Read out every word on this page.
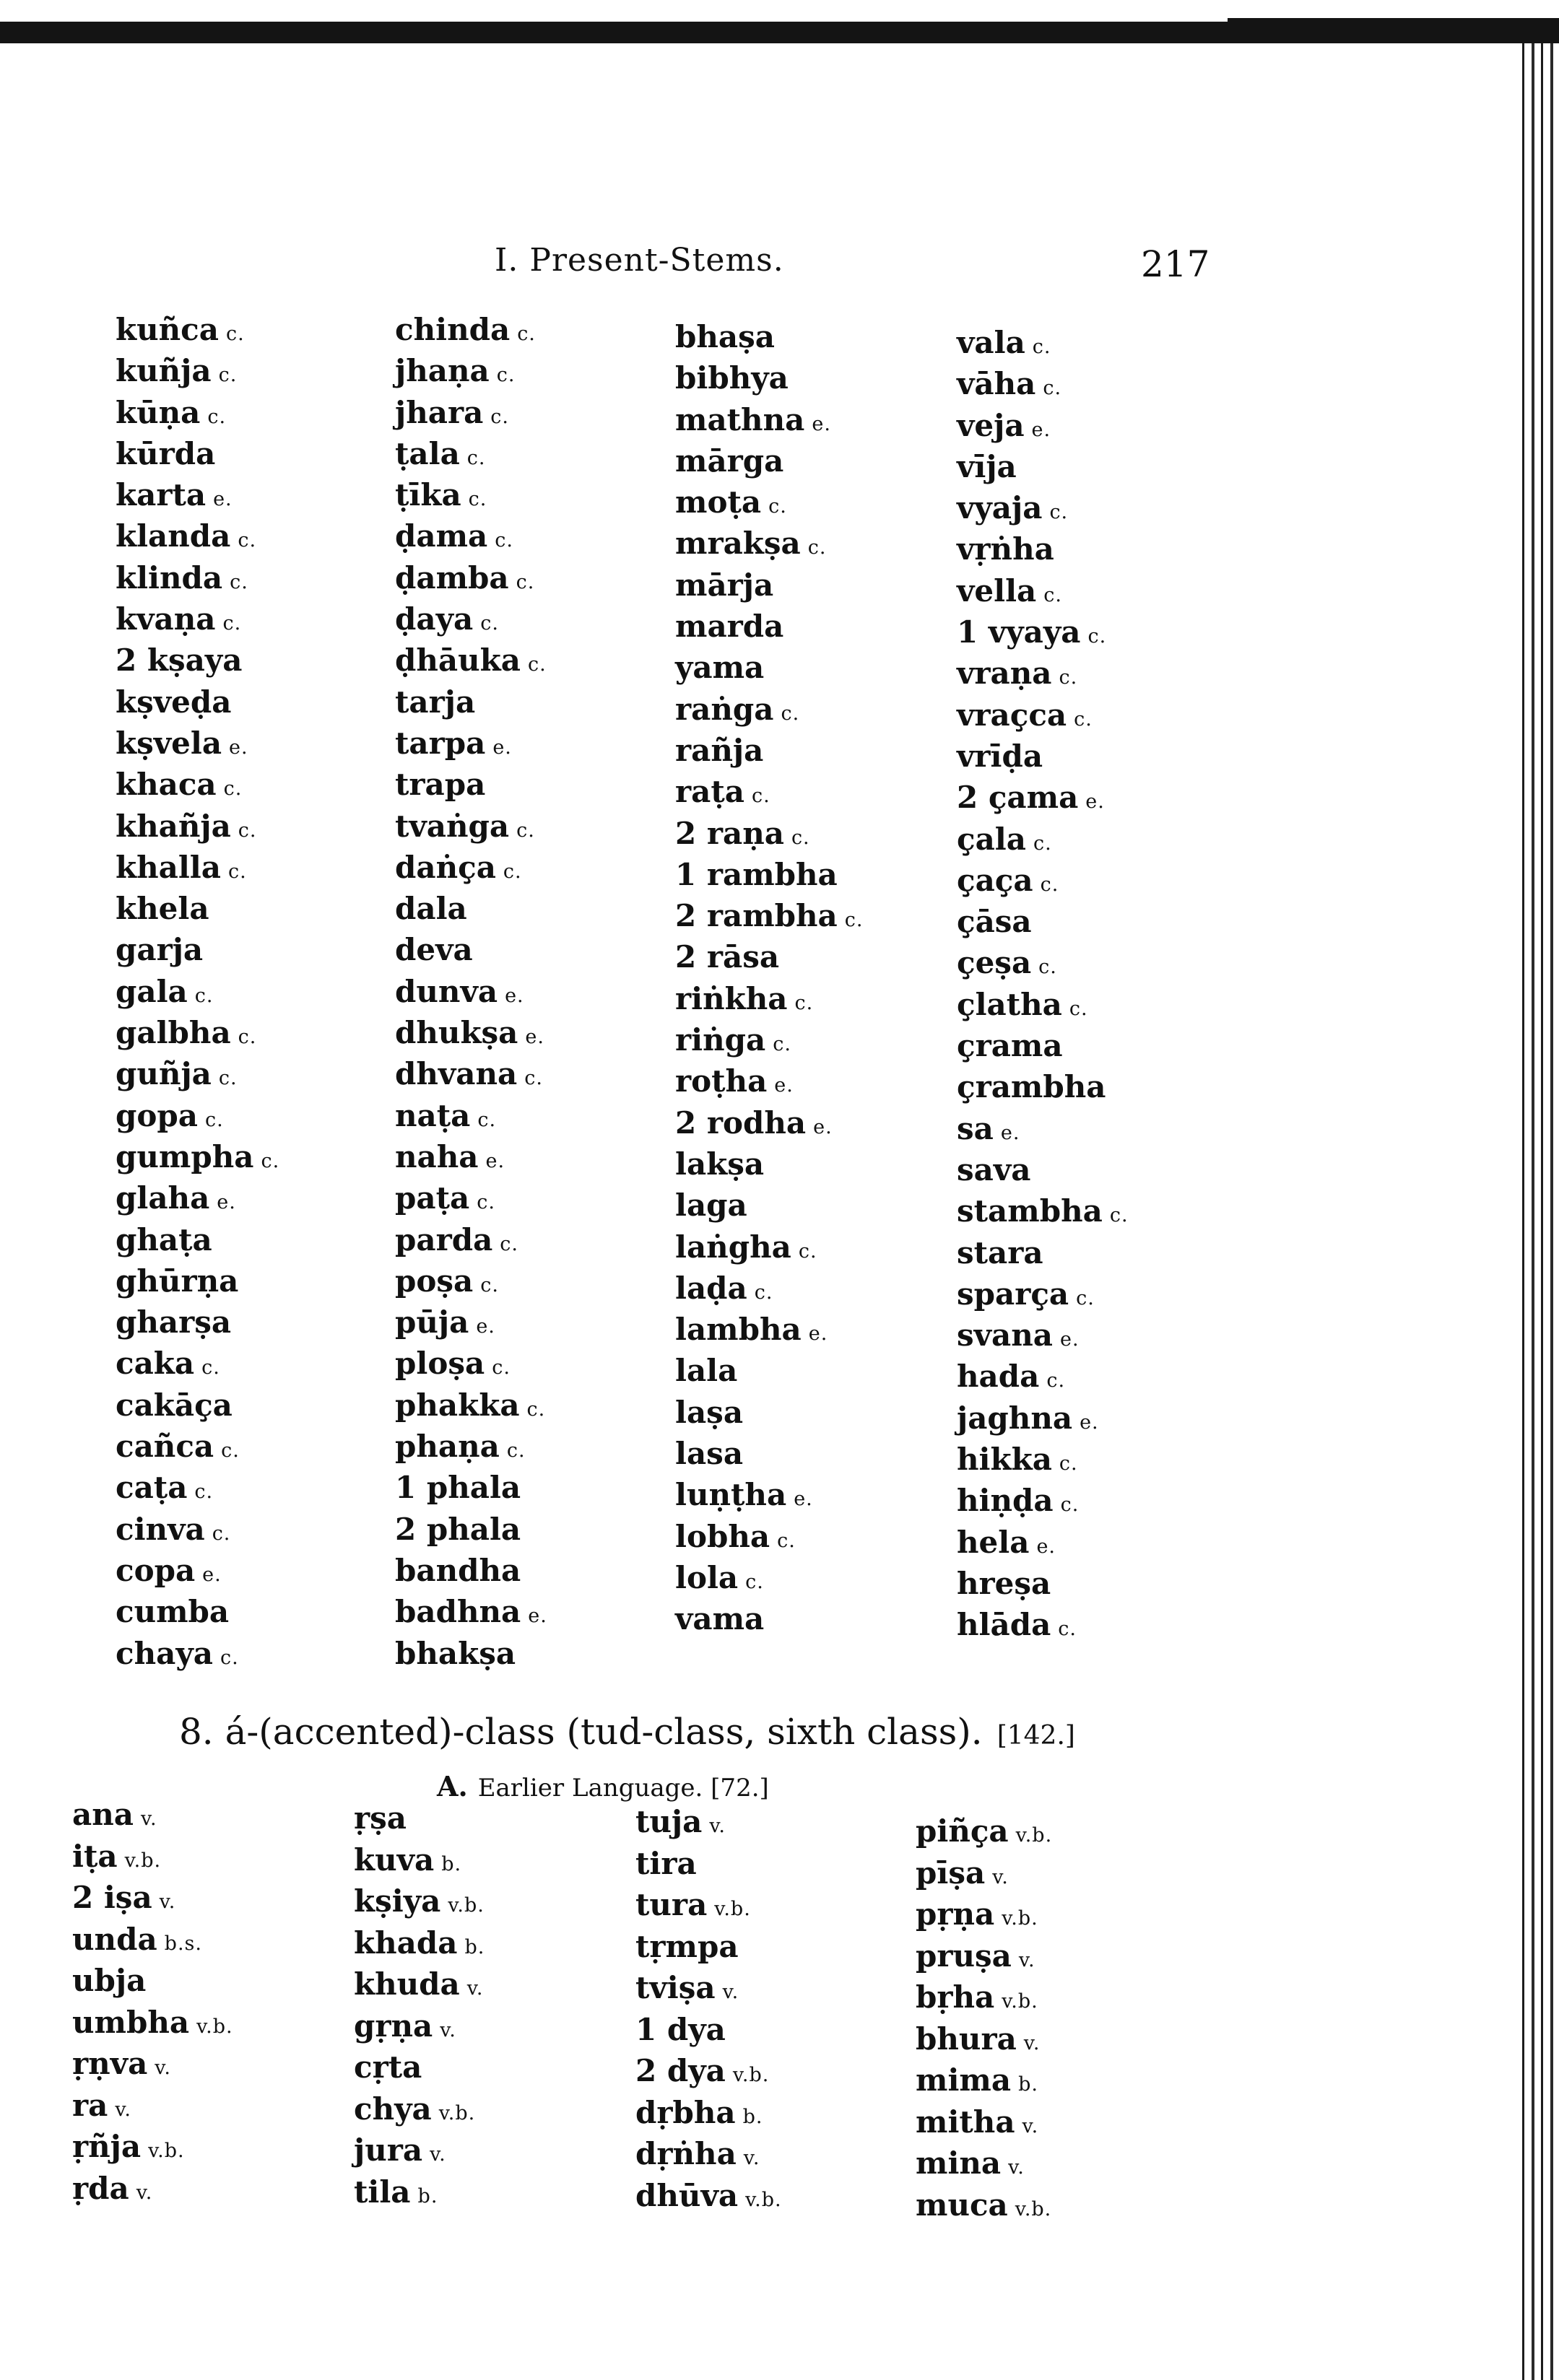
I. Present-Stems.	217
kuñca c.
kuñja c.
kūṇa c.
kūrda
karta e.
klanda c.
klinda c.
kvaṇa c.
2 kṣaya
kṣveḍa
kṣvela e.
khaca c.
khañja c.
khalla c.
khela
garja
gala c.
galbha c.
guñja c.
gopa c.
gumpha c.
glaha e.
ghaṭa
ghūrṇa
gharṣa
caka c.
cakāça
cañca c.
caṭa c.
cinva c.
copa e.
cumba
chaya c.
chinda c.
jhaṇa c.
jhara c.
ṭala c.
ṭīka c.
ḍama c.
ḍamba c.
ḍaya c.
ḍhāuka c.
tarja
tarpa e.
trapa
tvaṅga c.
daṅça c.
dala
deva
dunva e.
dhukṣa e.
dhvana c.
naṭa c.
naha e.
paṭa c.
parda c.
poṣa c.
pūja e.
ploṣa c.
phakka c.
phaṇa c.
1 phala
2 phala
bandha
badhna e.
bhakṣa
bhaṣa
bibhya
mathna e.
mārga
moṭa c.
mrakṣa c.
mārja
marda
yama
raṅga c.
rañja
raṭa c.
2 raṇa c.
1 rambha
2 rambha c.
2 rāsa
riṅkha c.
riṅga c.
roṭha e.
2 rodha e.
lakṣa
laga
laṅgha c.
laḍa c.
lambha e.
lala
laṣa
lasa
luṇṭha e.
lobha c.
lola c.
vama
vala c.
vāha c.
veja e.
vīja
vyaja c.
vṛṅha
vella c.
1 vyaya c.
vraṇa c.
vraçca c.
vrīḍa
2 çama e.
çala c.
çaça c.
çāsa
çeṣa c.
çlatha c.
çrama
çrambha
sa e.
sava
stambha c.
stara
sparça c.
svana e.
hada c.
jaghna e.
hikka c.
hiṇḍa c.
hela e.
hreṣa
hlāda c.
8. á-(accented)-class (tud-class, sixth class). [142.]
A. Earlier Language. [72.]
ana v.
iṭa v.b.
2 iṣa v.
unda b.s.
ubja
umbha v.b.
ṛṇva v.
ra v.
ṛñja v.b.
ṛda v.
ṛṣa
kuva b.
kṣiya v.b.
khada b.
khuda v.
gṛṇa v.
cṛta
chya v.b.
jura v.
tila b.
tuja v.
tira
tura v.b.
tṛmpa
tviṣa v.
1 dya
2 dya v.b.
dṛbha b.
dṛṅha v.
dhūva v.b.
piñça v.b.
pīṣa v.
pṛṇa v.b.
pruṣa v.
bṛha v.b.
bhura v.
mima b.
mitha v.
mina v.
muca v.b.
